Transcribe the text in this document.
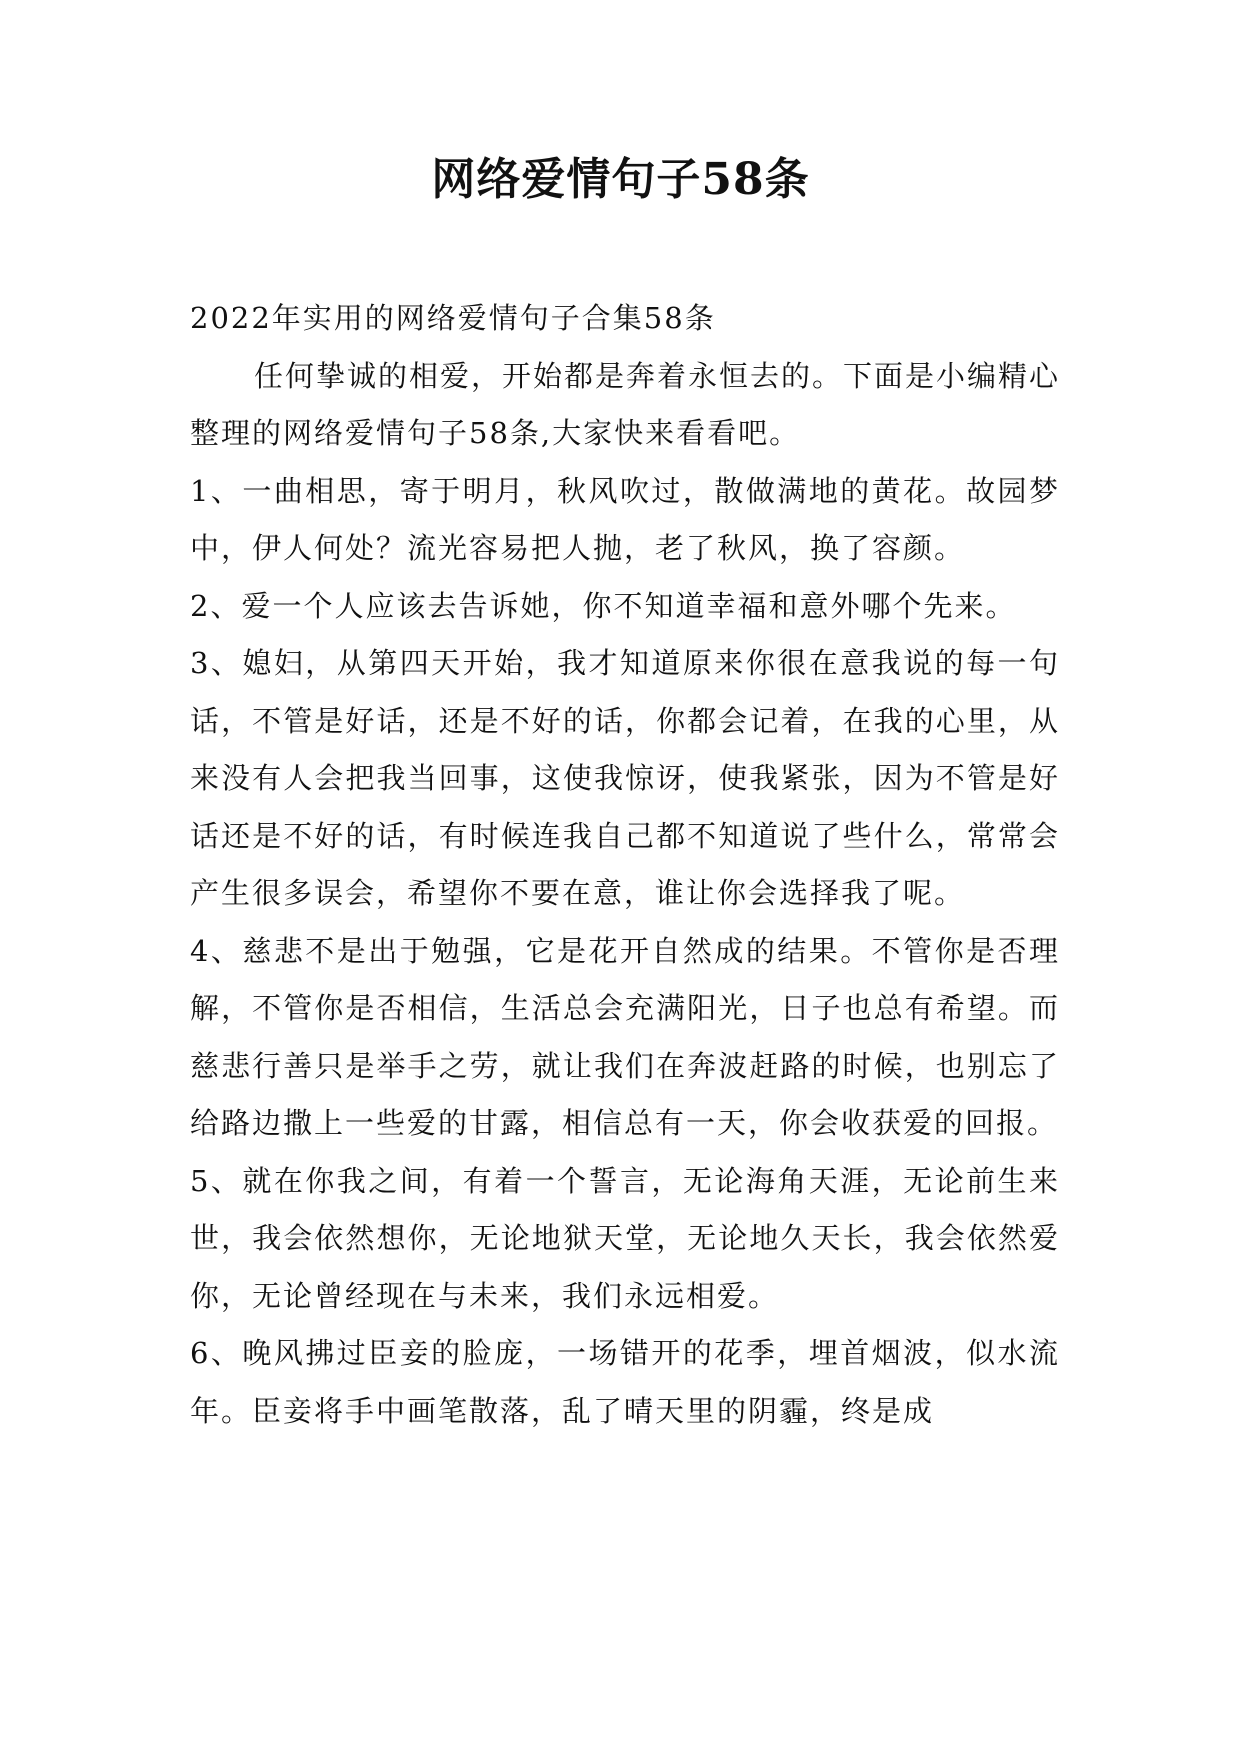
网络爱情句子58条

2022年实用的网络爱情句子合集58条

任何挚诚的相爱，开始都是奔着永恒去的。下面是小编精心整理的网络爱情句子58条,大家快来看看吧。

1、一曲相思，寄于明月，秋风吹过，散做满地的黄花。故园梦中，伊人何处？流光容易把人抛，老了秋风，换了容颜。

2、爱一个人应该去告诉她，你不知道幸福和意外哪个先来。

3、媳妇，从第四天开始，我才知道原来你很在意我说的每一句话，不管是好话，还是不好的话，你都会记着，在我的心里，从来没有人会把我当回事，这使我惊讶，使我紧张，因为不管是好话还是不好的话，有时候连我自己都不知道说了些什么，常常会产生很多误会，希望你不要在意，谁让你会选择我了呢。

4、慈悲不是出于勉强，它是花开自然成的结果。不管你是否理解，不管你是否相信，生活总会充满阳光，日子也总有希望。而慈悲行善只是举手之劳，就让我们在奔波赶路的时候，也别忘了给路边撒上一些爱的甘露，相信总有一天，你会收获爱的回报。

5、就在你我之间，有着一个誓言，无论海角天涯，无论前生来世，我会依然想你，无论地狱天堂，无论地久天长，我会依然爱你，无论曾经现在与未来，我们永远相爱。

6、晚风拂过臣妾的脸庞，一场错开的花季，埋首烟波，似水流年。臣妾将手中画笔散落，乱了晴天里的阴霾，终是成
